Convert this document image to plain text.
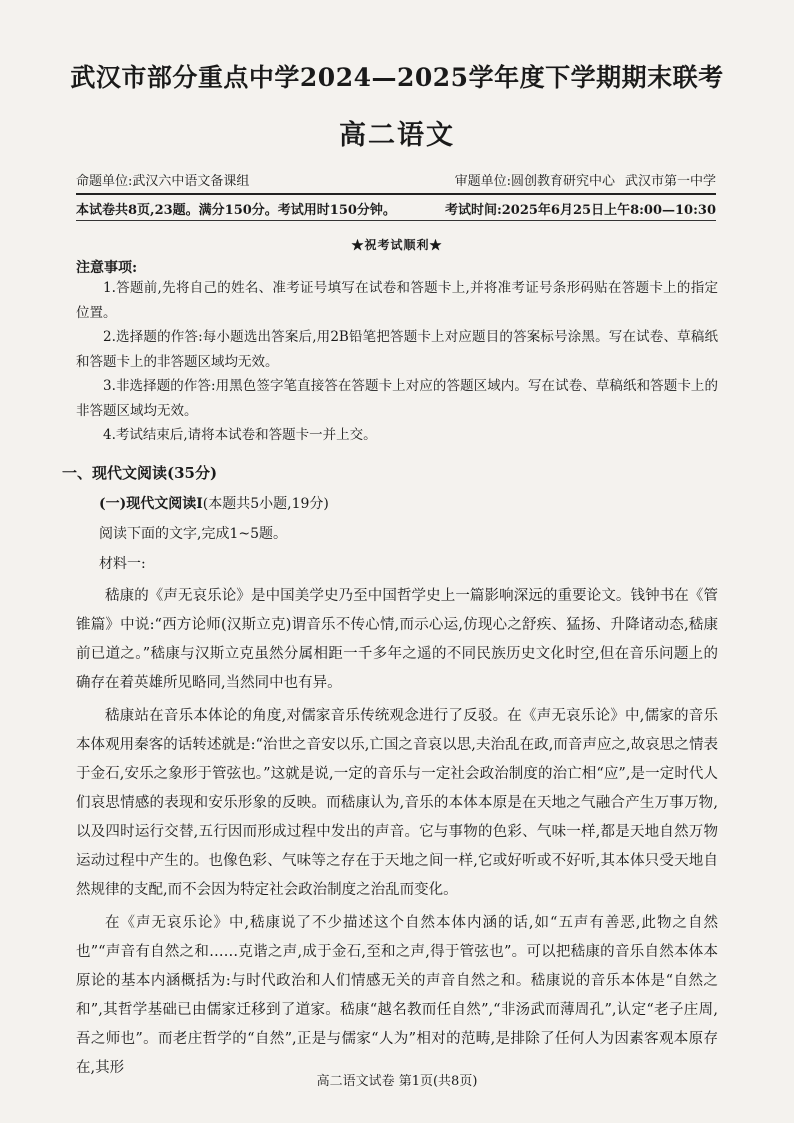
武汉市部分重点中学2024—2025学年度下学期期末联考
高二语文
命题单位:武汉六中语文备课组	审题单位:圆创教育研究中心 武汉市第一中学
本试卷共8页,23题。满分150分。考试用时150分钟。	考试时间:2025年6月25日上午8:00—10:30
★祝考试顺利★
注意事项:

1.答题前,先将自己的姓名、准考证号填写在试卷和答题卡上,并将准考证号条形码贴在答题卡上的指定位置。

2.选择题的作答:每小题选出答案后,用2B铅笔把答题卡上对应题目的答案标号涂黑。写在试卷、草稿纸和答题卡上的非答题区域均无效。

3.非选择题的作答:用黑色签字笔直接答在答题卡上对应的答题区域内。写在试卷、草稿纸和答题卡上的非答题区域均无效。

4.考试结束后,请将本试卷和答题卡一并上交。

一、现代文阅读(35分)
(一)现代文阅读Ⅰ(本题共5小题,19分)
阅读下面的文字,完成1~5题。
材料一:

嵇康的《声无哀乐论》是中国美学史乃至中国哲学史上一篇影响深远的重要论文。钱钟书在《管锥篇》中说:“西方论师(汉斯立克)谓音乐不传心情,而示心运,仿现心之舒疾、猛扬、升降诸动态,嵇康前已道之。”嵇康与汉斯立克虽然分属相距一千多年之遥的不同民族历史文化时空,但在音乐问题上的确存在着英雄所见略同,当然同中也有异。

嵇康站在音乐本体论的角度,对儒家音乐传统观念进行了反驳。在《声无哀乐论》中,儒家的音乐本体观用秦客的话转述就是:“治世之音安以乐,亡国之音哀以思,夫治乱在政,而音声应之,故哀思之情表于金石,安乐之象形于管弦也。”这就是说,一定的音乐与一定社会政治制度的治亡相“应”,是一定时代人们哀思情感的表现和安乐形象的反映。而嵇康认为,音乐的本体本原是在天地之气融合产生万事万物,以及四时运行交替,五行因而形成过程中发出的声音。它与事物的色彩、气味一样,都是天地自然万物运动过程中产生的。也像色彩、气味等之存在于天地之间一样,它或好听或不好听,其本体只受天地自然规律的支配,而不会因为特定社会政治制度之治乱而变化。

在《声无哀乐论》中,嵇康说了不少描述这个自然本体内涵的话,如“五声有善恶,此物之自然也”“声音有自然之和……克谐之声,成于金石,至和之声,得于管弦也”。可以把嵇康的音乐自然本体本原论的基本内涵概括为:与时代政治和人们情感无关的声音自然之和。嵇康说的音乐本体是“自然之和”,其哲学基础已由儒家迁移到了道家。嵇康“越名教而任自然”,“非汤武而薄周孔”,认定“老子庄周,吾之师也”。而老庄哲学的“自然”,正是与儒家“人为”相对的范畴,是排除了任何人为因素客观本原存在,其形

高二语文试卷 第1页(共8页)
